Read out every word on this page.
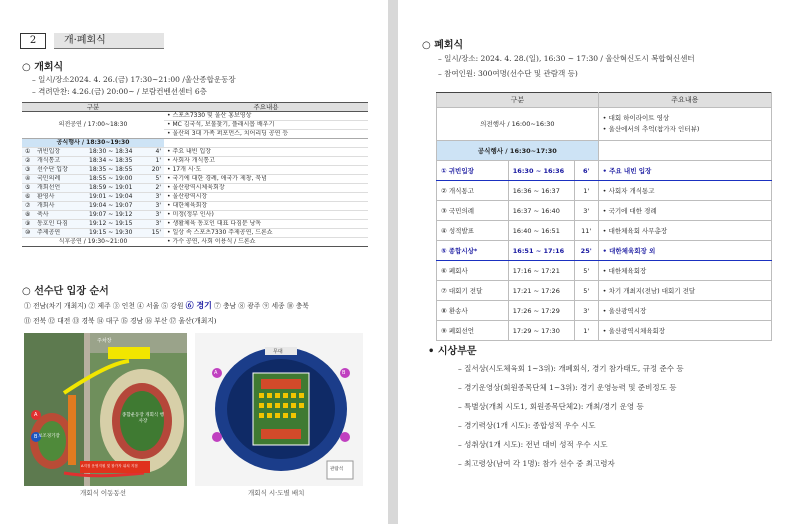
2	개·폐회식
○ 개회식
– 일시/장소2024. 4. 26.(금) 17:30~21:00 /울산종합운동장
– 격려만찬: 4.26.(금) 20:00~ / 보람컨벤션센터 6층
구분				주요내용
의전공연 / 17:00~18:30				• 스포츠7330 및 울산 홍보영상
				• MC 김국석, 보물찾기, 플래시몹 배우기
				• 울산의 3대 가족 퍼포먼스, 치어리딩 공연 등
공식행사 / 18:30~19:30				
①	귀빈입장	18:30 ~ 18:34	4'	• 주요 내빈 입장
②	개식통고	18:34 ~ 18:35	1'	• 사회자 개식통고
③	선수단 입장	18:35 ~ 18:55	20'	• 17개 시·도
④	국민의례	18:55 ~ 19:00	5'	• 국기에 대한 경례, 애국가 제창, 묵념
⑤	개회선언	18:59 ~ 19:01	2'	• 울산광역시체육회장
⑥	환영사	19:01 ~ 19:04	3'	• 울산광역시장
⑦	개회사	19:04 ~ 19:07	3'	• 대한체육회장
⑧	축사	19:07 ~ 19:12	3'	• 미정(정부 인사)
⑨	동호인 다짐	19:12 ~ 19:15	3'	• 생활체육 동호인 대표 다짐문 낭독
⑩	주제공연	19:15 ~ 19:30	15'	• 일상 속 스포츠7330 주제공연, 드론쇼
식후공연 / 19:30~21:00				• 가수 공연, 사회 이용식 / 드론쇼
○ 선수단 입장 순서
① 전남(차기 개최지) ② 제주 ③ 인천 ④ 서울 ⑤ 강원 ⑥ 경기 ⑦ 충남 ⑧ 광주 ⑨ 세종 ⑩ 충북
⑪ 전북 ⑫ 대전 ⑬ 경북 ⑭ 대구 ⑮ 경남 ⑯ 부산 ⑰ 울산(개최지)
주차장
보조경기장
종합운동장 개회식 행사장
A지점 운영지원 및 참가자 위치 지점
A
B
개회식 이동동선
무대
관람석
A	B
개회식 시·도별 배치
○ 폐회식
– 일시/장소: 2024. 4. 28.(일), 16:30 ~ 17:30 / 울산혁신도시 복합혁신센터
– 참여인원: 300여명(선수단 및 관람객 등)
구분			주요내용
의전행사 / 16:00~16:30			• 대회 하이라이트 영상
• 울산에서의 추억(참가자 인터뷰)

공식행사 / 16:30~17:30			
① 귀빈입장	16:30 ~ 16:36	6'	• 주요 내빈 입장
② 개식통고	16:36 ~ 16:37	1'	• 사회자 개식통고
③ 국민의례	16:37 ~ 16:40	3'	• 국기에 대한 경례
④ 성적발표	16:40 ~ 16:51	11'	• 대한체육회 사무총장
⑤ 종합시상*	16:51 ~ 17:16	25'	• 대한체육회장 외
⑥ 폐회사	17:16 ~ 17:21	5'	• 대한체육회장
⑦ 대회기 전달	17:21 ~ 17:26	5'	• 차기 개최지(전남) 대회기 전달
⑧ 환송사	17:26 ~ 17:29	3'	• 울산광역시장
⑨ 폐회선언	17:29 ~ 17:30	1'	• 울산광역시체육회장
• 시상부문
– 질서상(시도체육회 1~3위): 개폐회식, 경기 참가태도, 규정 준수 등
– 경기운영상(회원종목단체 1~3위): 경기 운영능력 및 준비정도 등
– 특별상(개최 시도1, 회원종목단체2): 개최/경기 운영 등
– 경기력상(1개 시도): 종합성적 우수 시도
– 성취상(1개 시도): 전년 대비 성적 우수 시도
– 최고령상(남여 각 1명): 참가 선수 중 최고령자
